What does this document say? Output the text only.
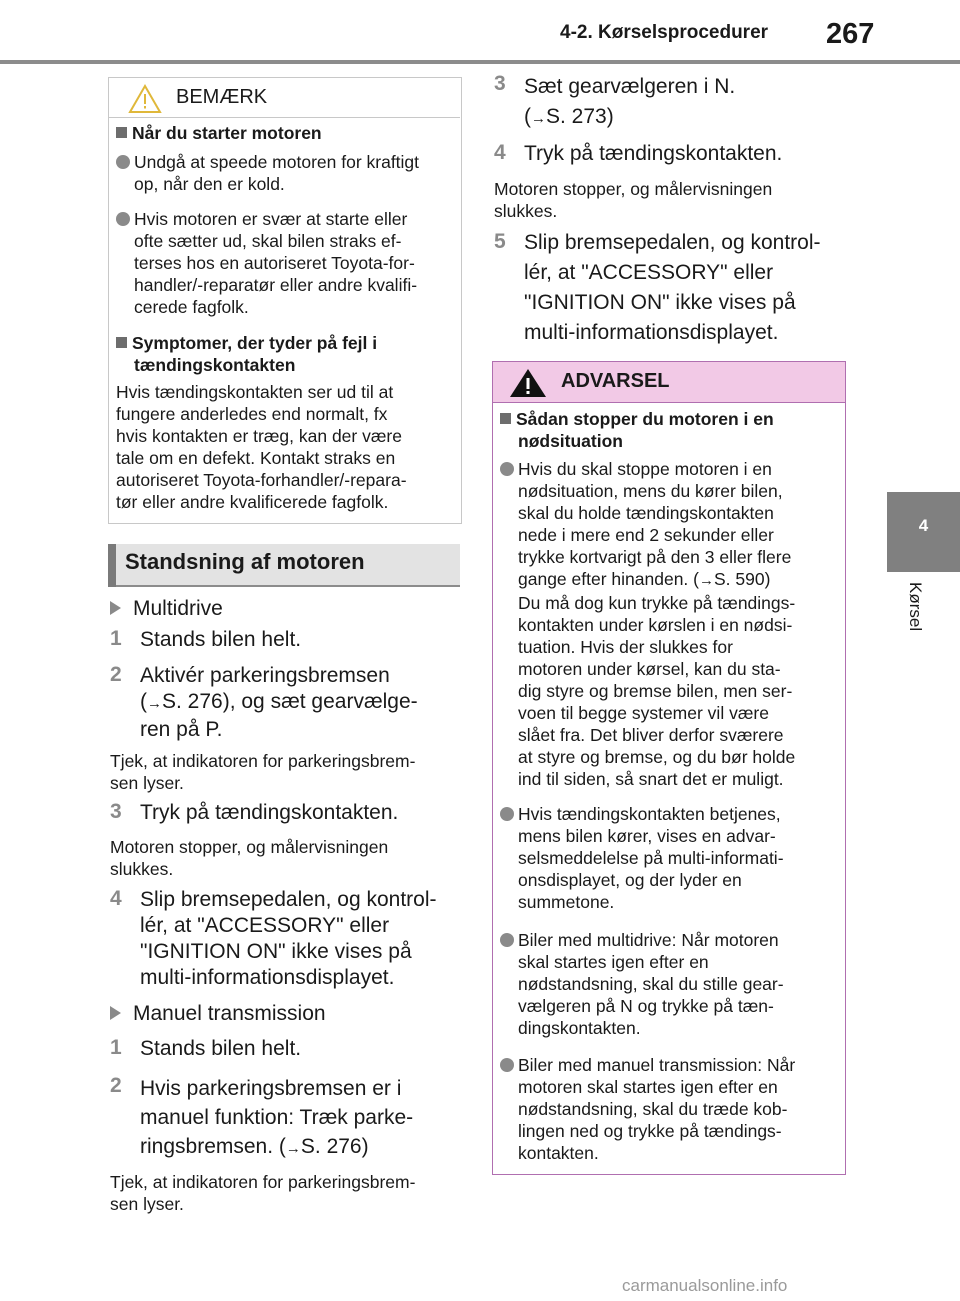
4-2. Kørselsprocedurer 267
4
Kørsel
BEMÆRK
Når du starter motoren
Undgå at speede motoren for kraftigt
op, når den er kold.
Hvis motoren er svær at starte eller
ofte sætter ud, skal bilen straks ef-
terses hos en autoriseret Toyota-for-
handler/-reparatør eller andre kvalifi-
cerede fagfolk.
Symptomer, der tyder på fejl i
tændingskontakten
Hvis tændingskontakten ser ud til at
fungere anderledes end normalt, fx
hvis kontakten er træg, kan der være
tale om en defekt. Kontakt straks en
autoriseret Toyota-forhandler/-repara-
tør eller andre kvalificerede fagfolk.
Standsning af motoren
Multidrive
1 Stands bilen helt.
2 Aktivér parkeringsbremsen
(→S. 276), og sæt gearvælge-
ren på P.
Tjek, at indikatoren for parkeringsbrem-
sen lyser.
3 Tryk på tændingskontakten.
Motoren stopper, og målervisningen
slukkes.
4 Slip bremsepedalen, og kontrol-
lér, at "ACCESSORY" eller
"IGNITION ON" ikke vises på
multi-informationsdisplayet.
Manuel transmission
1 Stands bilen helt.
2 Hvis parkeringsbremsen er i
manuel funktion: Træk parke-
ringsbremsen. (→S. 276)
Tjek, at indikatoren for parkeringsbrem-
sen lyser.
3 Sæt gearvælgeren i N.
(→S. 273)
4 Tryk på tændingskontakten.
Motoren stopper, og målervisningen
slukkes.
5 Slip bremsepedalen, og kontrol-
lér, at "ACCESSORY" eller
"IGNITION ON" ikke vises på
multi-informationsdisplayet.
ADVARSEL
Sådan stopper du motoren i en
nødsituation
Hvis du skal stoppe motoren i en
nødsituation, mens du kører bilen,
skal du holde tændingskontakten
nede i mere end 2 sekunder eller
trykke kortvarigt på den 3 eller flere
gange efter hinanden. (→S. 590)
Du må dog kun trykke på tændings-
kontakten under kørslen i en nødsi-
tuation. Hvis der slukkes for
motoren under kørsel, kan du sta-
dig styre og bremse bilen, men ser-
voen til begge systemer vil være
slået fra. Det bliver derfor sværere
at styre og bremse, og du bør holde
ind til siden, så snart det er muligt.
Hvis tændingskontakten betjenes,
mens bilen kører, vises en advar-
selsmeddelelse på multi-informati-
onsdisplayet, og der lyder en
summetone.
Biler med multidrive: Når motoren
skal startes igen efter en
nødstandsning, skal du stille gear-
vælgeren på N og trykke på tæn-
dingskontakten.
Biler med manuel transmission: Når
motoren skal startes igen efter en
nødstandsning, skal du træde kob-
lingen ned og trykke på tændings-
kontakten.
carmanualsonline.info
